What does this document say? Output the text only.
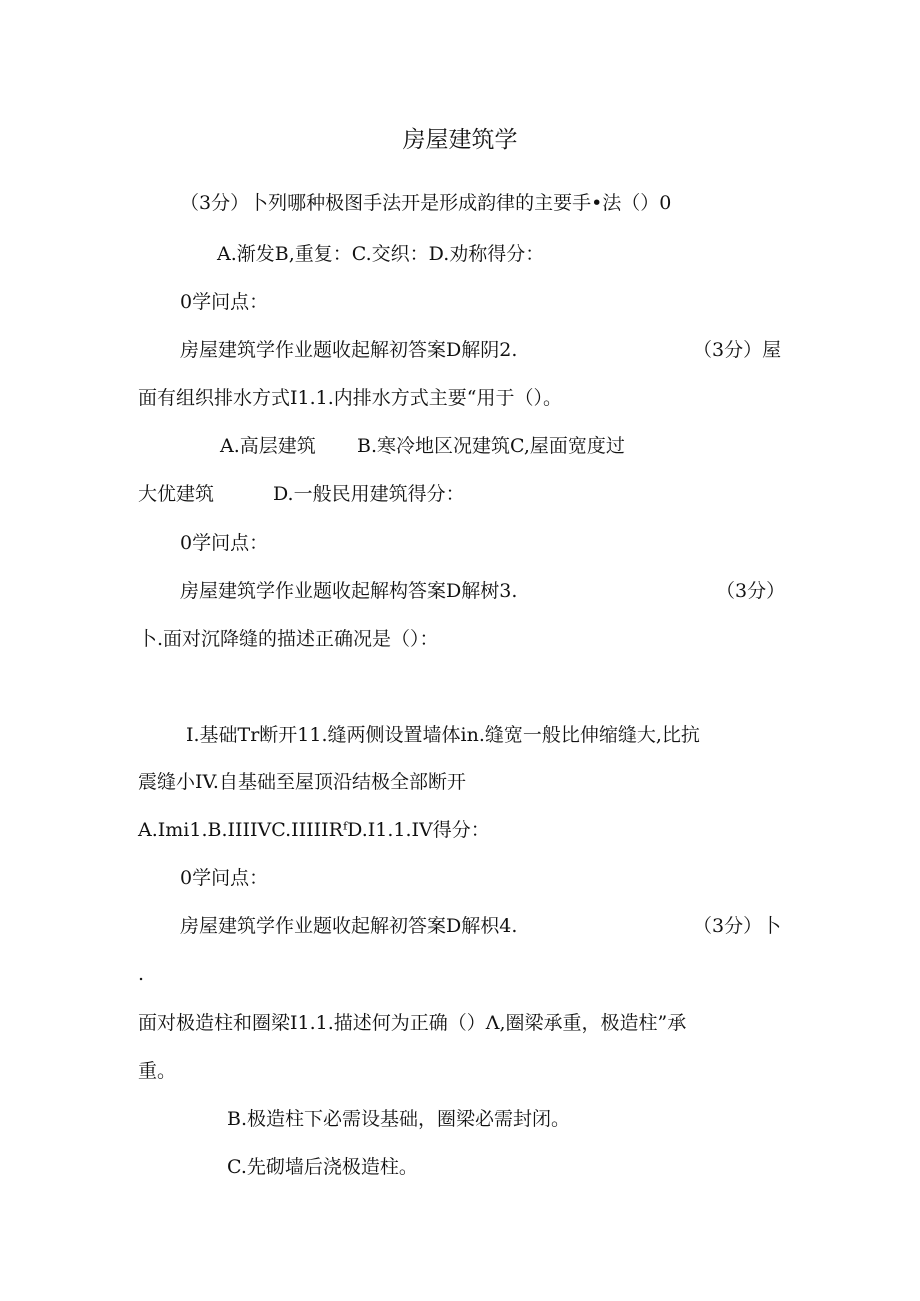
房屋建筑学
（3分）卜列哪种极图手法开是形成韵律的主要手•法（）0
A.渐发B,重复：C.交织：D.劝称得分：
0学问点：
房屋建筑学作业题收起解初答案D解阴2.	（3分）屋
面有组织排水方式I1.1.内排水方式主要“用于（）。
A.高层建筑 B.寒冷地区况建筑C,屋面宽度过
大优建筑	D.一般民用建筑得分：
0学问点：
房屋建筑学作业题收起解构答案D解树3.	（3分）
卜.面对沉降缝的描述正确况是（）：
I.基础Tr断开11.缝两侧设置墙体in.缝宽一般比伸缩缝大,比抗
震缝小IV.自基础至屋顶沿结极全部断开
A.Imi1.B.IIIIVC.IIIIIRᶠD.I1.1.IV得分：
0学问点：
房屋建筑学作业题收起解初答案D解枳4.	（3分）卜
.
面对极造柱和圈梁I1.1.描述何为正确（）Λ,圈梁承重，极造柱”承
重。
B.极造柱下必需设基础，圈梁必需封闭。
C.先砌墙后浇极造柱。
